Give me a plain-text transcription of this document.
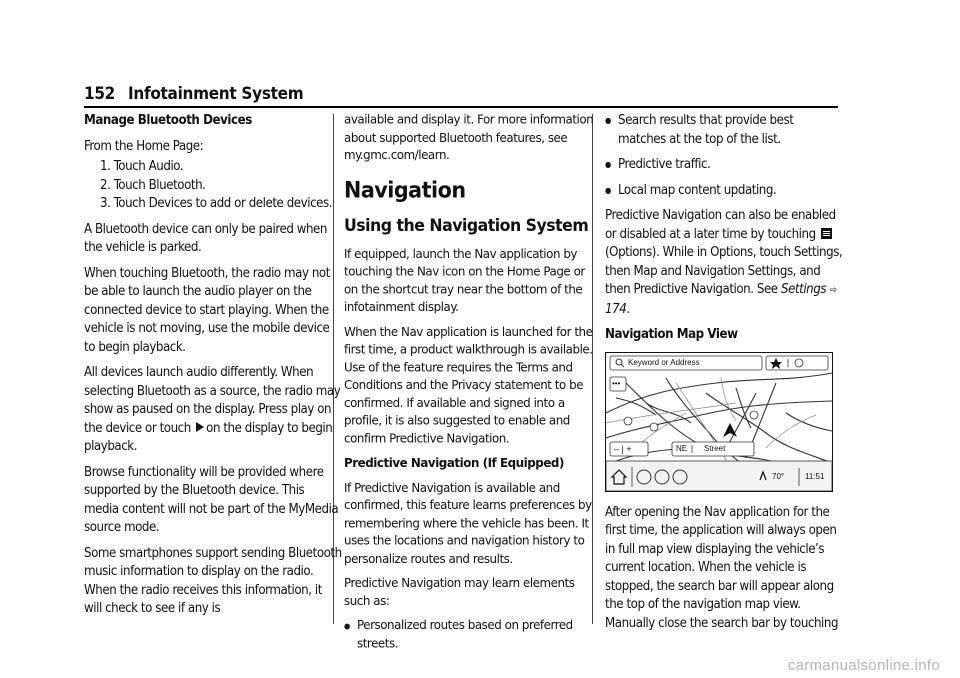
152 Infotainment System

Manage Bluetooth Devices

From the Home Page:

1. Touch Audio.
2. Touch Bluetooth.
3. Touch Devices to add or delete devices.

A Bluetooth device can only be paired when the vehicle is parked.

When touching Bluetooth, the radio may not be able to launch the audio player on the connected device to start playing. When the vehicle is not moving, use the mobile device to begin playback.

All devices launch audio differently. When selecting Bluetooth as a source, the radio may show as paused on the display. Press play on the device or touch on the display to begin playback.

Browse functionality will be provided where supported by the Bluetooth device. This media content will not be part of the MyMedia source mode.

Some smartphones support sending Bluetooth music information to display on the radio. When the radio receives this information, it will check to see if any is

available and display it. For more information about supported Bluetooth features, see my.gmc.com/learn.

Navigation
Using the Navigation System

If equipped, launch the Nav application by touching the Nav icon on the Home Page or on the shortcut tray near the bottom of the infotainment display.

When the Nav application is launched for the first time, a product walkthrough is available. Use of the feature requires the Terms and Conditions and the Privacy statement to be confirmed. If available and signed into a profile, it is also suggested to enable and confirm Predictive Navigation.

Predictive Navigation (If Equipped)

If Predictive Navigation is available and confirmed, this feature learns preferences by remembering where the vehicle has been. It uses the locations and navigation history to personalize routes and results.

Predictive Navigation may learn elements such as:

● Personalized routes based on preferred streets.

● Search results that provide best matches at the top of the list.

● Predictive traffic.

● Local map content updating.

Predictive Navigation can also be enabled or disabled at a later time by touching  (Options). While in Options, touch Settings, then Map and Navigation Settings, and then Predictive Navigation. See Settings ⇨ 174.

Navigation Map View

Keyword or Address
•••
– | +	NE Street
70°	11:51

After opening the Nav application for the first time, the application will always open in full map view displaying the vehicle’s current location. When the vehicle is stopped, the search bar will appear along the top of the navigation map view. Manually close the search bar by touching

carmanualsonline.info
